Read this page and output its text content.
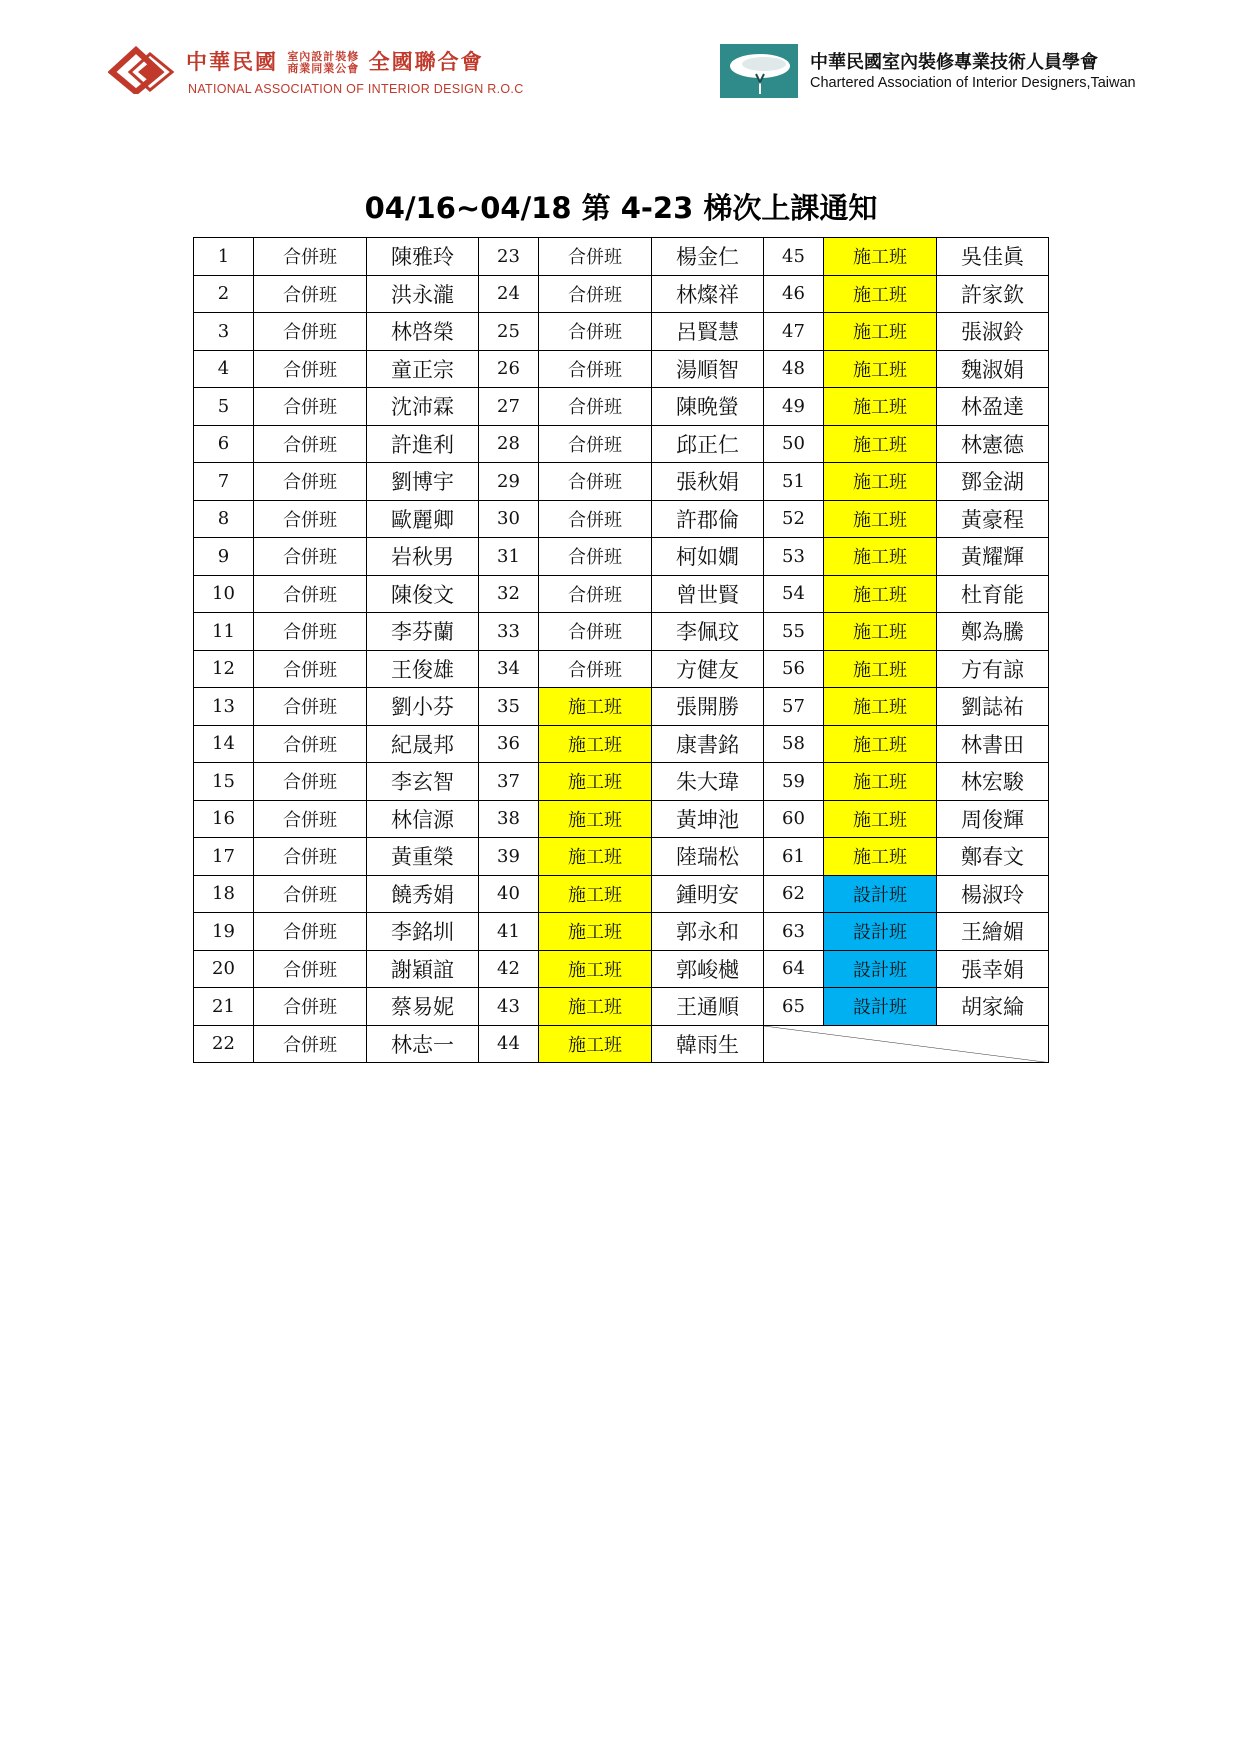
中華民國 室內設計裝修
商業同業公會 全國聯合會
NATIONAL ASSOCIATION OF INTERIOR DESIGN R.O.C
中華民國室內裝修專業技術人員學會
Chartered Association of Interior Designers,Taiwan
04/16~04/18 第 4-23 梯次上課通知
1	合併班	陳雅玲	23	合併班	楊金仁	45	施工班	吳佳眞
2	合併班	洪永瀧	24	合併班	林燦祥	46	施工班	許家欽
3	合併班	林啓榮	25	合併班	呂賢慧	47	施工班	張淑鈴
4	合併班	童正宗	26	合併班	湯順智	48	施工班	魏淑娟
5	合併班	沈沛霖	27	合併班	陳晩螢	49	施工班	林盈達
6	合併班	許進利	28	合併班	邱正仁	50	施工班	林憲德
7	合併班	劉博宇	29	合併班	張秋娟	51	施工班	鄧金湖
8	合併班	歐麗卿	30	合併班	許郡倫	52	施工班	黃豪程
9	合併班	岩秋男	31	合併班	柯如嫺	53	施工班	黃耀輝
10	合併班	陳俊文	32	合併班	曾世賢	54	施工班	杜育能
11	合併班	李芬蘭	33	合併班	李佩玟	55	施工班	鄭為騰
12	合併班	王俊雄	34	合併班	方健友	56	施工班	方有諒
13	合併班	劉小芬	35	施工班	張開勝	57	施工班	劉誌祐
14	合併班	紀晟邦	36	施工班	康書銘	58	施工班	林書田
15	合併班	李玄智	37	施工班	朱大瑋	59	施工班	林宏駿
16	合併班	林信源	38	施工班	黃坤池	60	施工班	周俊輝
17	合併班	黃重榮	39	施工班	陸瑞松	61	施工班	鄭春文
18	合併班	饒秀娟	40	施工班	鍾明安	62	設計班	楊淑玲
19	合併班	李銘圳	41	施工班	郭永和	63	設計班	王繪媚
20	合併班	謝穎誼	42	施工班	郭峻樾	64	設計班	張幸娟
21	合併班	蔡易妮	43	施工班	王通順	65	設計班	胡家綸
22	合併班	林志一	44	施工班	韓雨生	
